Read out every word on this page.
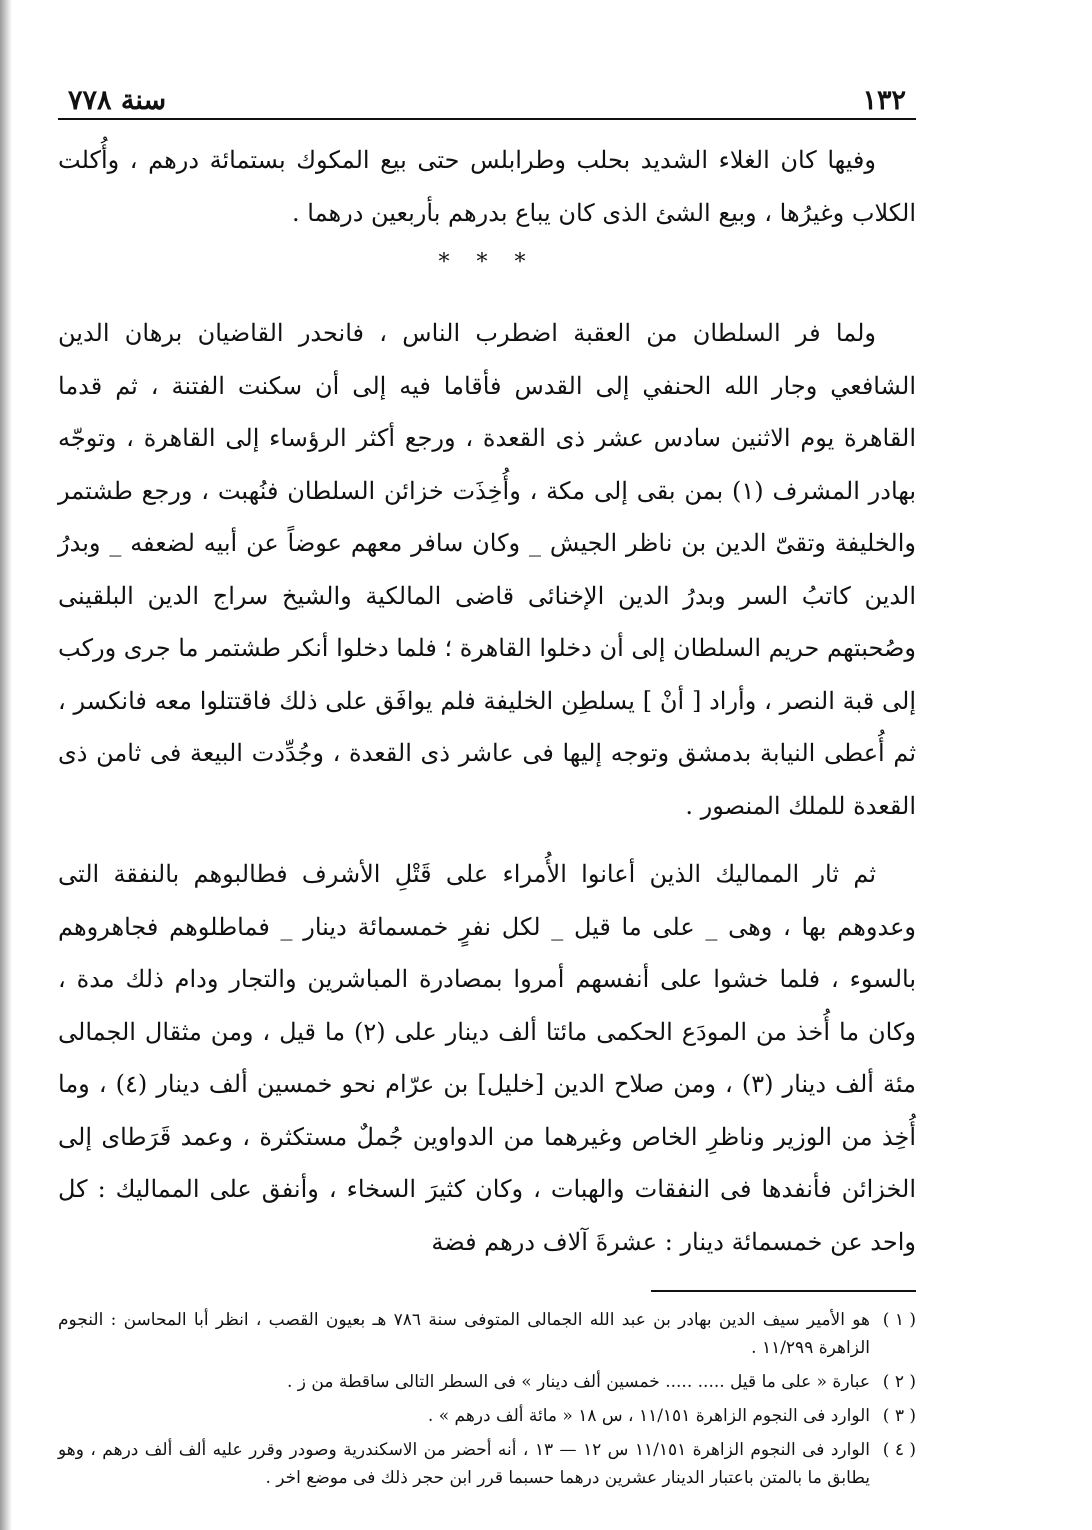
١٣٢
سنة ٧٧٨

وفيها كان الغلاء الشديد بحلب وطرابلس حتى بيع المكوك بستمائة درهم ، وأُكلت الكلاب وغيرُها ، وبيع الشئ الذى كان يباع بدرهم بأربعين درهما .

* * *

ولما فر السلطان من العقبة اضطرب الناس ، فانحدر القاضيان برهان الدين الشافعي وجار الله الحنفي إلى القدس فأقاما فيه إلى أن سكنت الفتنة ، ثم قدما القاهرة يوم الاثنين سادس عشر ذى القعدة ، ورجع أكثر الرؤساء إلى القاهرة ، وتوجّه بهادر المشرف (١) بمن بقى إلى مكة ، وأُخِذَت خزائن السلطان فنُهبت ، ورجع طشتمر والخليفة وتقىّ الدين بن ناظر الجيش _ وكان سافر معهم عوضاً عن أبيه لضعفه _ وبدرُ الدين كاتبُ السر وبدرُ الدين الإخنائى قاضى المالكية والشيخ سراج الدين البلقينى وصُحبتهم حريم السلطان إلى أن دخلوا القاهرة ؛ فلما دخلوا أنكر طشتمر ما جرى وركب إلى قبة النصر ، وأراد [ أنْ ] يسلطِن الخليفة فلم يوافَق على ذلك فاقتتلوا معه فانكسر ، ثم أُعطى النيابة بدمشق وتوجه إليها فى عاشر ذى القعدة ، وجُدِّدت البيعة فى ثامن ذى القعدة للملك المنصور .

ثم ثار المماليك الذين أعانوا الأُمراء على قَتْلِ الأشرف فطالبوهم بالنفقة التى وعدوهم بها ، وهى _ على ما قيل _ لكل نفرٍ خمسمائة دينار _ فماطلوهم فجاهروهم بالسوء ، فلما خشوا على أنفسهم أمروا بمصادرة المباشرين والتجار ودام ذلك مدة ، وكان ما أُخذ من المودَع الحكمى مائتا ألف دينار على (٢) ما قيل ، ومن مثقال الجمالى مئة ألف دينار (٣) ، ومن صلاح الدين [خليل] بن عرّام نحو خمسين ألف دينار (٤) ، وما أُخِذ من الوزير وناظرِ الخاص وغيرهما من الدواوين جُملٌ مستكثرة ، وعمد قَرَطاى إلى الخزائن فأنفدها فى النفقات والهبات ، وكان كثيرَ السخاء ، وأنفق على المماليك : كل واحد عن خمسمائة دينار : عشرةَ آلاف درهم فضة

( ١ )
هو الأمير سيف الدين بهادر بن عبد الله الجمالى المتوفى سنة ٧٨٦ هـ بعيون القصب ، انظر أبا المحاسن : النجوم الزاهرة ١١/٢٩٩ .
( ٢ )
عبارة « على ما قيل ..... ..... خمسين ألف دينار » فى السطر التالى ساقطة من ز .
( ٣ )
الوارد فى النجوم الزاهرة ١١/١٥١ ، س ١٨ « مائة ألف درهم » .
( ٤ )
الوارد فى النجوم الزاهرة ١١/١٥١ س ١٢ — ١٣ ، أنه أحضر من الاسكندرية وصودر وقرر عليه ألف ألف درهم ، وهو يطابق ما بالمتن باعتبار الدينار عشرين درهما حسبما قرر ابن حجر ذلك فى موضع اخر .
